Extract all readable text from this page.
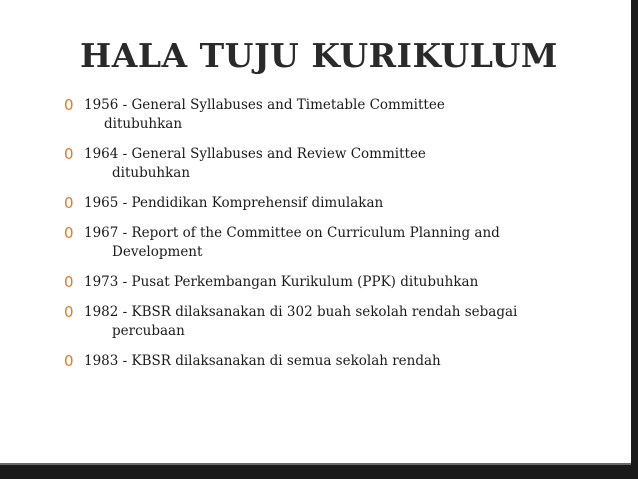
HALA TUJU KURIKULUM
0 1956 - General Syllabuses and Timetable Committee
ditubuhkan
0 1964 - General Syllabuses and Review Committee
ditubuhkan
0 1965 - Pendidikan Komprehensif dimulakan
0 1967 - Report of the Committee on Curriculum Planning and
Development
0 1973 - Pusat Perkembangan Kurikulum (PPK) ditubuhkan
0 1982 - KBSR dilaksanakan di 302 buah sekolah rendah sebagai
percubaan
0 1983 - KBSR dilaksanakan di semua sekolah rendah
